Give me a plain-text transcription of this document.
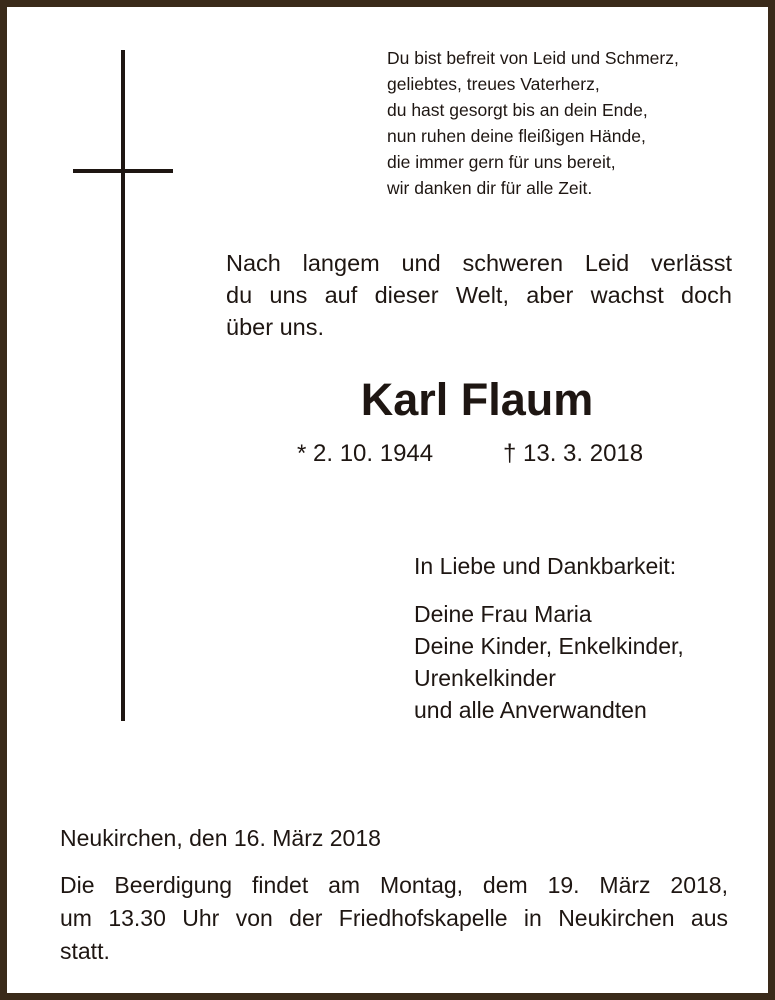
Du bist befreit von Leid und Schmerz,
geliebtes, treues Vaterherz,
du hast gesorgt bis an dein Ende,
nun ruhen deine fleißigen Hände,
die immer gern für uns bereit,
wir danken dir für alle Zeit.
Nach langem und schweren Leid verlässt
du uns auf dieser Welt, aber wachst doch
über uns.
Karl Flaum
* 2. 10. 1944	† 13. 3. 2018
In Liebe und Dankbarkeit:
Deine Frau Maria
Deine Kinder, Enkelkinder,
Urenkelkinder
und alle Anverwandten
Neukirchen, den 16. März 2018
Die Beerdigung findet am Montag, dem 19. März 2018,
um 13.30 Uhr von der Friedhofskapelle in Neukirchen aus
statt.
